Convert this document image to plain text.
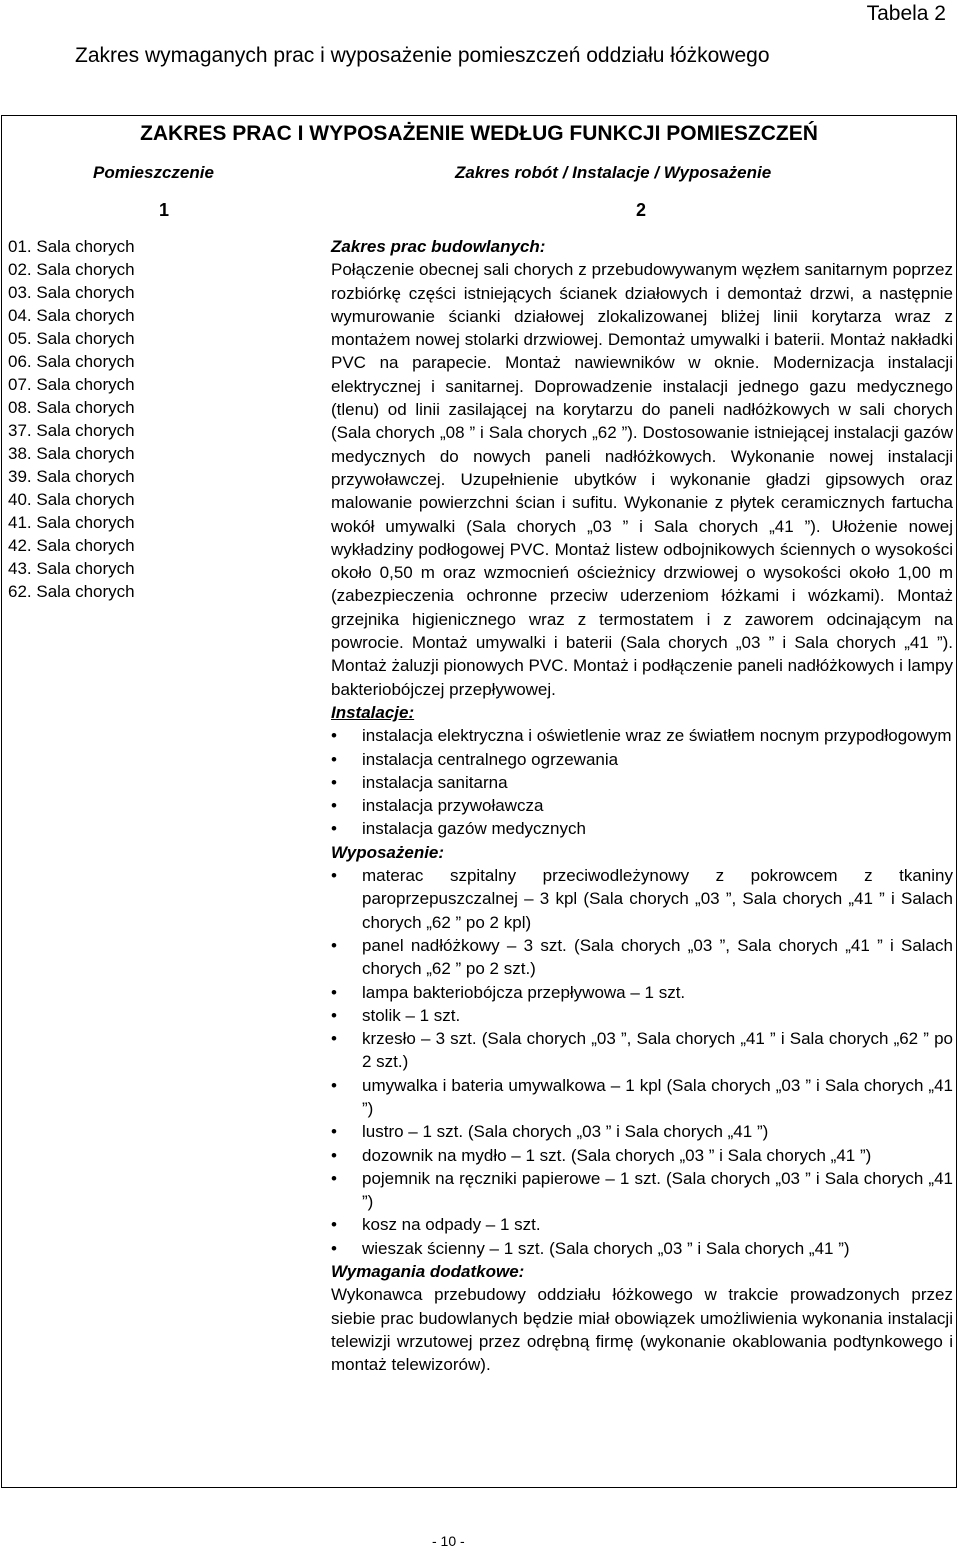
Tabela 2
Zakres wymaganych prac i wyposażenie pomieszczeń oddziału łóżkowego
ZAKRES PRAC I WYPOSAŻENIE WEDŁUG FUNKCJI POMIESZCZEŃ
Pomieszczenie	Zakres robót / Instalacje / Wyposażenie
1	2
01. Sala chorych
02. Sala chorych
03. Sala chorych
04. Sala chorych
05. Sala chorych
06. Sala chorych
07. Sala chorych
08. Sala chorych
37. Sala chorych
38. Sala chorych
39. Sala chorych
40. Sala chorych
41. Sala chorych
42. Sala chorych
43. Sala chorych
62. Sala chorych
Zakres prac budowlanych:

Połączenie obecnej sali chorych z przebudowywanym węzłem sanitarnym poprzez rozbiórkę części istniejących ścianek działowych i demontaż drzwi, a następnie wymurowanie ścianki działowej zlokalizowanej bliżej linii korytarza wraz z montażem nowej stolarki drzwiowej. Demontaż umywalki i baterii. Montaż nakładki PVC na parapecie. Montaż nawiewników w oknie. Modernizacja instalacji elektrycznej i sanitarnej. Doprowadzenie instalacji jednego gazu medycznego (tlenu) od linii zasilającej na korytarzu do paneli nadłóżkowych w sali chorych (Sala chorych „08 ” i Sala chorych „62 ”). Dostosowanie istniejącej instalacji gazów medycznych do nowych paneli nadłóżkowych. Wykonanie nowej instalacji przywoławczej. Uzupełnienie ubytków i wykonanie gładzi gipsowych oraz malowanie powierzchni ścian i sufitu. Wykonanie z płytek ceramicznych fartucha wokół umywalki (Sala chorych „03 ” i Sala chorych „41 ”). Ułożenie nowej wykładziny podłogowej PVC. Montaż listew odbojnikowych ściennych o wysokości około 0,50 m oraz wzmocnień ościeżnicy drzwiowej o wysokości około 1,00 m (zabezpieczenia ochronne przeciw uderzeniom łóżkami i wózkami). Montaż grzejnika higienicznego wraz z termostatem i z zaworem odcinającym na powrocie. Montaż umywalki i baterii (Sala chorych „03 ” i Sala chorych „41 ”). Montaż żaluzji pionowych PVC. Montaż i podłączenie paneli nadłóżkowych i lampy bakteriobójczej przepływowej.

Instalacje:
• instalacja elektryczna i oświetlenie wraz ze światłem nocnym przypodłogowym
• instalacja centralnego ogrzewania
• instalacja sanitarna
• instalacja przywoławcza
• instalacja gazów medycznych
Wyposażenie:
• materac szpitalny przeciwodleżynowy z pokrowcem z tkaniny paroprzepuszczalnej – 3 kpl (Sala chorych „03 ”, Sala chorych „41 ” i Salach chorych „62 ” po 2 kpl)
• panel nadłóżkowy – 3 szt. (Sala chorych „03 ”, Sala chorych „41 ” i Salach chorych „62 ” po 2 szt.)
• lampa bakteriobójcza przepływowa – 1 szt.
• stolik – 1 szt.
• krzesło – 3 szt. (Sala chorych „03 ”, Sala chorych „41 ” i Sala chorych „62 ” po 2 szt.)
• umywalka i bateria umywalkowa – 1 kpl (Sala chorych „03 ” i Sala chorych „41 ”)
• lustro – 1 szt. (Sala chorych „03 ” i Sala chorych „41 ”)
• dozownik na mydło – 1 szt. (Sala chorych „03 ” i Sala chorych „41 ”)
• pojemnik na ręczniki papierowe – 1 szt. (Sala chorych „03 ” i Sala chorych „41 ”)
• kosz na odpady – 1 szt.
• wieszak ścienny – 1 szt. (Sala chorych „03 ” i Sala chorych „41 ”)
Wymagania dodatkowe:

Wykonawca przebudowy oddziału łóżkowego w trakcie prowadzonych przez siebie prac budowlanych będzie miał obowiązek umożliwienia wykonania instalacji telewizji wrzutowej przez odrębną firmę (wykonanie okablowania podtynkowego i montaż telewizorów).

- 10 -
